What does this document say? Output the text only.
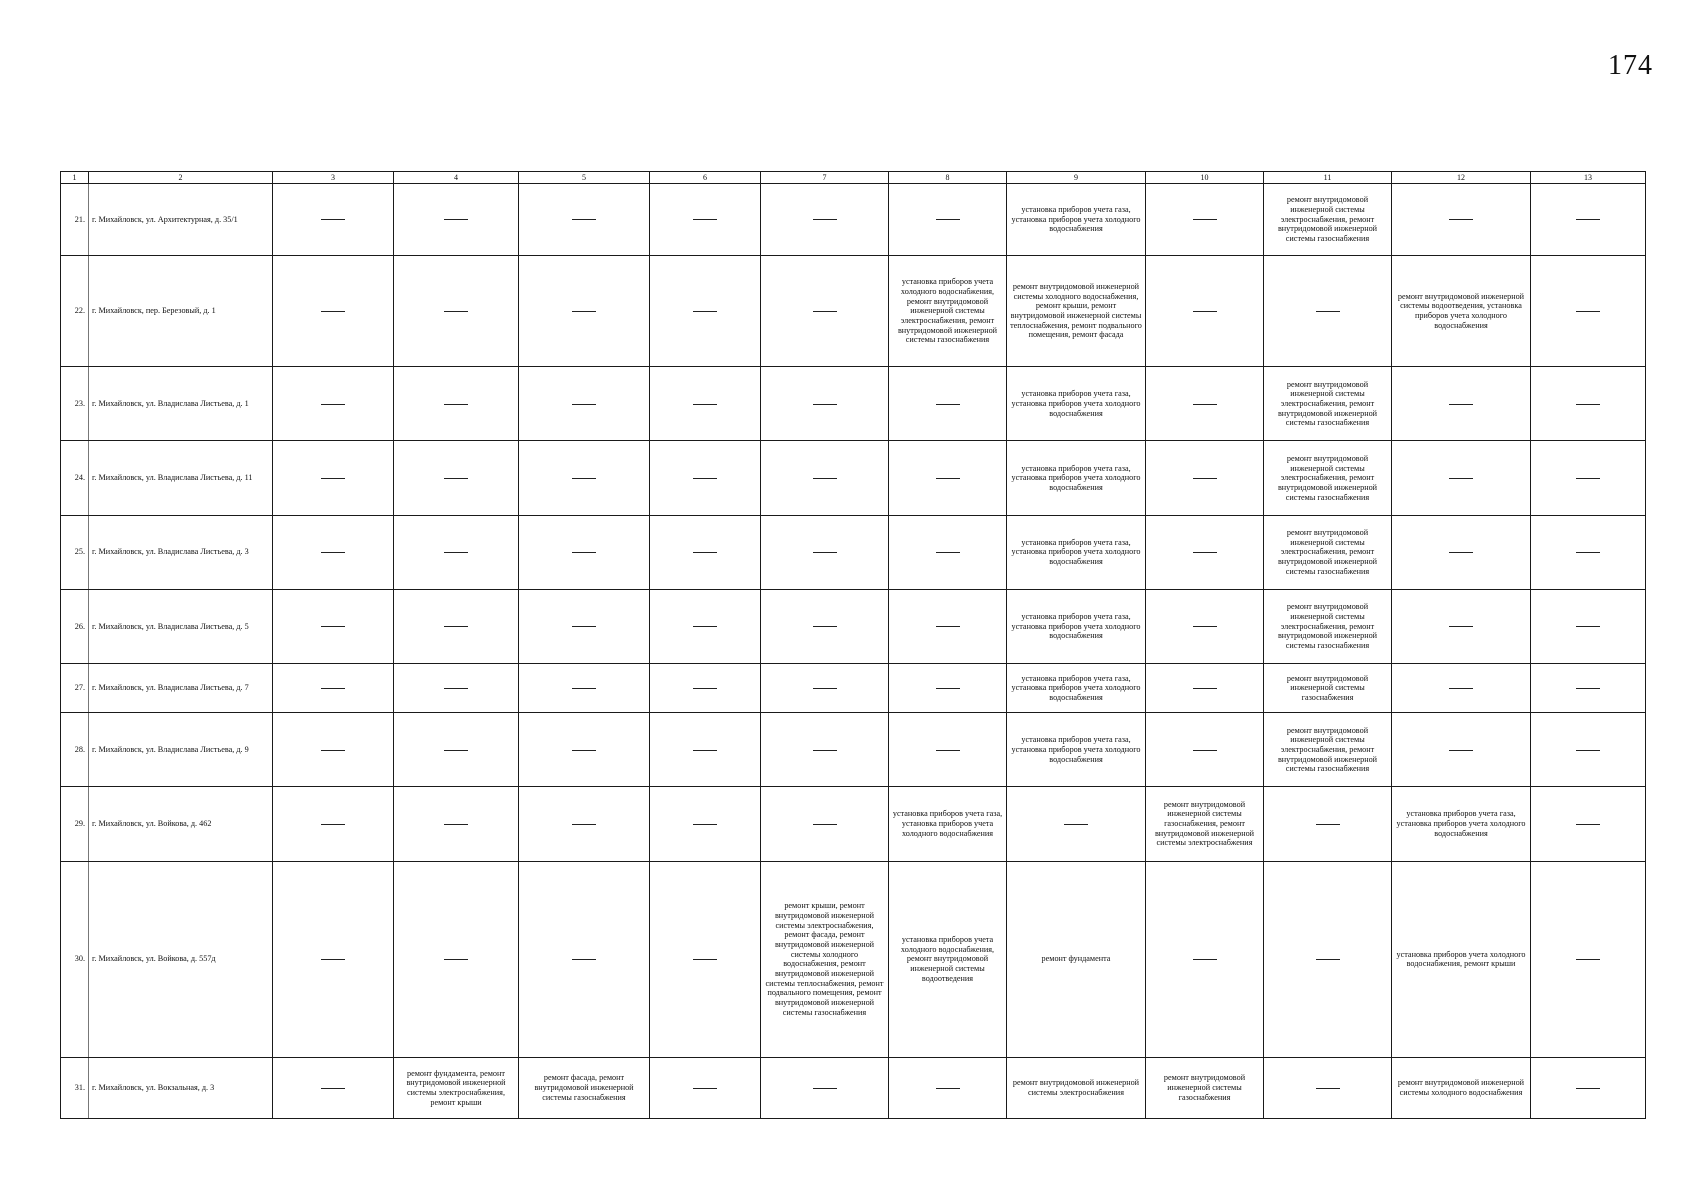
174
1	2	3	4	5	6	7	8	9	10	11	12	13
21.	г. Михайловск, ул. Архитектурная, д. 35/1							установка приборов учета газа, установка приборов учета холодного водоснабжения		ремонт внутридомовой инженерной системы электроснабжения, ремонт внутридомовой инженерной системы газоснабжения		
22.	г. Михайловск, пер. Березовый, д. 1						установка приборов учета холодного водоснабжения, ремонт внутридомовой инженерной системы электроснабжения, ремонт внутридомовой инженерной системы газоснабжения	ремонт внутридомовой инженерной системы холодного водоснабжения, ремонт крыши, ремонт внутридомовой инженерной системы теплоснабжения, ремонт подвального помещения, ремонт фасада			ремонт внутридомовой инженерной системы водоотведения, установка приборов учета холодного водоснабжения	
23.	г. Михайловск, ул. Владислава Листьева, д. 1							установка приборов учета газа, установка приборов учета холодного водоснабжения		ремонт внутридомовой инженерной системы электроснабжения, ремонт внутридомовой инженерной системы газоснабжения		
24.	г. Михайловск, ул. Владислава Листьева, д. 11							установка приборов учета газа, установка приборов учета холодного водоснабжения		ремонт внутридомовой инженерной системы электроснабжения, ремонт внутридомовой инженерной системы газоснабжения		
25.	г. Михайловск, ул. Владислава Листьева, д. 3							установка приборов учета газа, установка приборов учета холодного водоснабжения		ремонт внутридомовой инженерной системы электроснабжения, ремонт внутридомовой инженерной системы газоснабжения		
26.	г. Михайловск, ул. Владислава Листьева, д. 5							установка приборов учета газа, установка приборов учета холодного водоснабжения		ремонт внутридомовой инженерной системы электроснабжения, ремонт внутридомовой инженерной системы газоснабжения		
27.	г. Михайловск, ул. Владислава Листьева, д. 7							установка приборов учета газа, установка приборов учета холодного водоснабжения		ремонт внутридомовой инженерной системы газоснабжения		
28.	г. Михайловск, ул. Владислава Листьева, д. 9							установка приборов учета газа, установка приборов учета холодного водоснабжения		ремонт внутридомовой инженерной системы электроснабжения, ремонт внутридомовой инженерной системы газоснабжения		
29.	г. Михайловск, ул. Войкова, д. 462						установка приборов учета газа, установка приборов учета холодного водоснабжения		ремонт внутридомовой инженерной системы газоснабжения, ремонт внутридомовой инженерной системы электроснабжения		установка приборов учета газа, установка приборов учета холодного водоснабжения	
30.	г. Михайловск, ул. Войкова, д. 557д					ремонт крыши, ремонт внутридомовой инженерной системы электроснабжения, ремонт фасада, ремонт внутридомовой инженерной системы холодного водоснабжения, ремонт внутридомовой инженерной системы теплоснабжения, ремонт подвального помещения, ремонт внутридомовой инженерной системы газоснабжения	установка приборов учета холодного водоснабжения, ремонт внутридомовой инженерной системы водоотведения	ремонт фундамента			установка приборов учета холодного водоснабжения, ремонт крыши	
31.	г. Михайловск, ул. Вокзальная, д. 3		ремонт фундамента, ремонт внутридомовой инженерной системы электроснабжения, ремонт крыши	ремонт фасада, ремонт внутридомовой инженерной системы газоснабжения				ремонт внутридомовой инженерной системы электроснабжения	ремонт внутридомовой инженерной системы газоснабжения		ремонт внутридомовой инженерной системы холодного водоснабжения	
